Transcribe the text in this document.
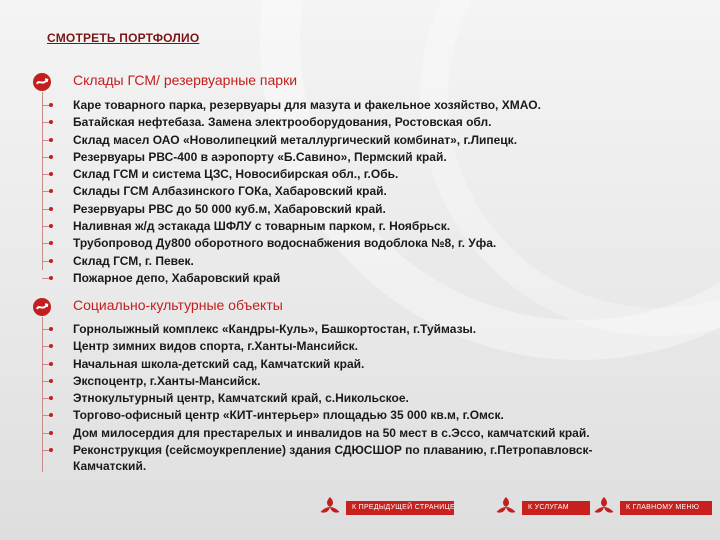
СМОТРЕТЬ ПОРТФОЛИО
Склады ГСМ/ резервуарные парки
Каре товарного парка, резервуары для мазута и факельное хозяйство, ХМАО.
Батайская нефтебаза. Замена электрооборудования, Ростовская обл.
Склад масел ОАО «Новолипецкий металлургический комбинат», г.Липецк.
Резервуары РВС-400 в аэропорту «Б.Савино», Пермский край.
Склад ГСМ и система ЦЗС, Новосибирская обл., г.Обь.
Склады ГСМ Албазинского ГОКа, Хабаровский край.
Резервуары РВС до 50 000 куб.м, Хабаровский край.
Наливная ж/д эстакада ШФЛУ с товарным парком, г. Ноябрьск.
Трубопровод Ду800 оборотного водоснабжения водоблока №8, г. Уфа.
Склад ГСМ, г. Певек.
Пожарное депо, Хабаровский край
Социально-культурные объекты
Горнолыжный комплекс «Кандры-Куль», Башкортостан, г.Туймазы.
Центр зимних видов спорта, г.Ханты-Мансийск.
Начальная школа-детский сад, Камчатский край.
Экспоцентр, г.Ханты-Мансийск.
Этнокультурный центр, Камчатский край, с.Никольское.
Торгово-офисный центр «КИТ-интерьер» площадью 35 000 кв.м, г.Омск.
Дом милосердия для престарелых и инвалидов на 50 мест в с.Эссо, камчатский край.
Реконструкция (сейсмоукрепление) здания СДЮСШОР по плаванию, г.Петропавловск-
Камчатский.
К ПРЕДЫДУЩЕЙ СТРАНИЦЕ	К УСЛУГАМ	К ГЛАВНОМУ МЕНЮ
